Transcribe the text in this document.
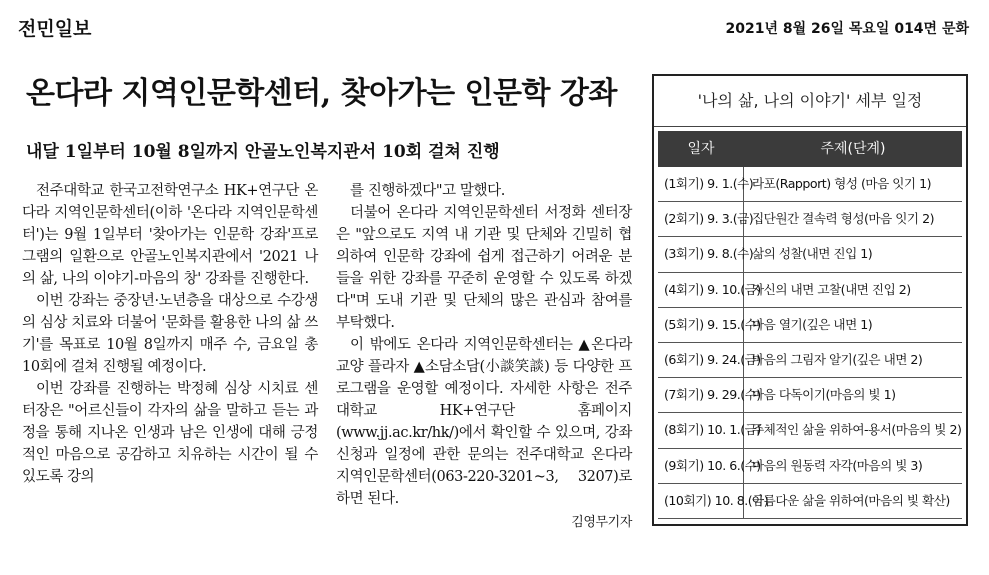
전민일보	2021년 8월 26일 목요일 014면 문화
온다라 지역인문학센터, 찾아가는 인문학 강좌
내달 1일부터 10월 8일까지 안골노인복지관서 10회 걸쳐 진행

전주대학교 한국고전학연구소 HK+연구단 온다라 지역인문학센터(이하 '온다라 지역인문학센터')는 9월 1일부터 '찾아가는 인문학 강좌'프로그램의 일환으로 안골노인복지관에서 '2021 나의 삶, 나의 이야기-마음의 창' 강좌를 진행한다.

이번 강좌는 중장년·노년층을 대상으로 수강생의 심상 치료와 더불어 '문화를 활용한 나의 삶 쓰기'를 목표로 10월 8일까지 매주 수, 금요일 총 10회에 걸쳐 진행될 예정이다.

이번 강좌를 진행하는 박정혜 심상 시치료 센터장은 "어르신들이 각자의 삶을 말하고 듣는 과정을 통해 지나온 인생과 남은 인생에 대해 긍정적인 마음으로 공감하고 치유하는 시간이 될 수 있도록 강의

를 진행하겠다"고 말했다.

더불어 온다라 지역인문학센터 서정화 센터장은 "앞으로도 지역 내 기관 및 단체와 긴밀히 협의하여 인문학 강좌에 쉽게 접근하기 어려운 분들을 위한 강좌를 꾸준히 운영할 수 있도록 하겠다"며 도내 기관 및 단체의 많은 관심과 참여를 부탁했다.

이 밖에도 온다라 지역인문학센터는 ▲온다라 교양 플라자 ▲소담소담(小談笑談) 등 다양한 프로그램을 운영할 예정이다. 자세한 사항은 전주대학교 HK+연구단 홈페이지(www.jj.ac.kr/hk/)에서 확인할 수 있으며, 강좌 신청과 일정에 관한 문의는 전주대학교 온다라 지역인문학센터(063-220-3201~3, 3207)로 하면 된다.

김영무기자
'나의 삶, 나의 이야기' 세부 일정
일자	주제(단계)
(1회기) 9. 1.(수)
라포(Rapport) 형성 (마음 잇기 1)
(2회기) 9. 3.(금)
집단원간 결속력 형성(마음 잇기 2)
(3회기) 9. 8.(수)
삶의 성찰(내면 진입 1)
(4회기) 9. 10.(금)
자신의 내면 고찰(내면 진입 2)
(5회기) 9. 15.(수)
마음 열기(깊은 내면 1)
(6회기) 9. 24.(금)
마음의 그림자 알기(깊은 내면 2)
(7회기) 9. 29.(수)
마음 다독이기(마음의 빛 1)
(8회기) 10. 1.(금)
주체적인 삶을 위하여-용서(마음의 빛 2)
(9회기) 10. 6.(수)
마음의 원동력 자각(마음의 빛 3)
(10회기) 10. 8.(금)
아름다운 삶을 위하여(마음의 빛 확산)
